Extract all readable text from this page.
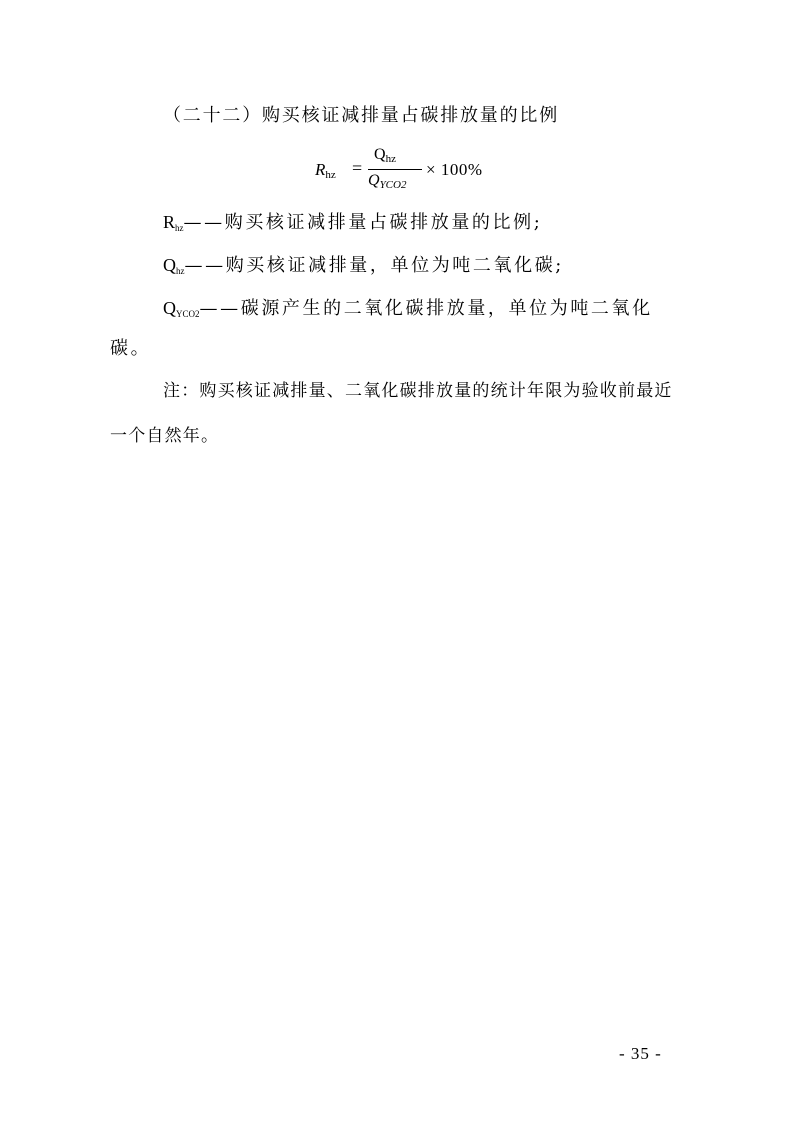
（二十二）购买核证减排量占碳排放量的比例
$R_{hz}$ =
$Q_{hz}$
$Q_{YCO2}$
× 100%
$R_{hz}——$购买核证减排量占碳排放量的比例;
$Q_{hz}——$购买核证减排量，单位为吨二氧化碳;
$Q_{YCO2}——$碳源产生的二氧化碳排放量，单位为吨二氧化
碳。
注：购买核证减排量、二氧化碳排放量的统计年限为验收前最近
一个自然年。
- 35 -
